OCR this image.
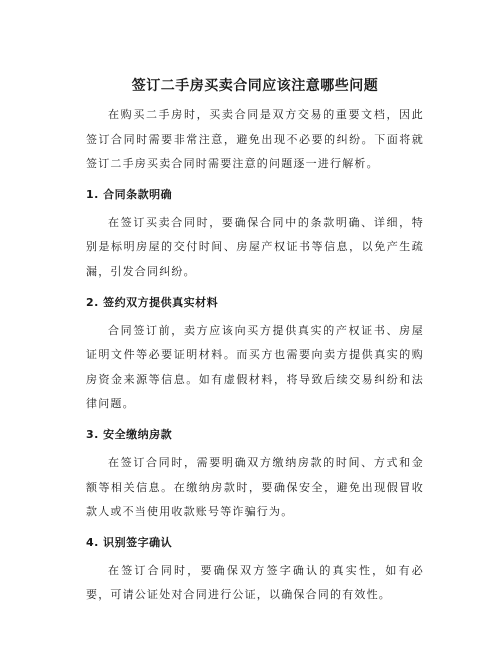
签订二手房买卖合同应该注意哪些问题

在购买二手房时，买卖合同是双方交易的重要文档，因此签订合同时需要非常注意，避免出现不必要的纠纷。下面将就签订二手房买卖合同时需要注意的问题逐一进行解析。

1. 合同条款明确

在签订买卖合同时，要确保合同中的条款明确、详细，特别是标明房屋的交付时间、房屋产权证书等信息，以免产生疏漏，引发合同纠纷。

2. 签约双方提供真实材料

合同签订前，卖方应该向买方提供真实的产权证书、房屋证明文件等必要证明材料。而买方也需要向卖方提供真实的购房资金来源等信息。如有虚假材料，将导致后续交易纠纷和法律问题。

3. 安全缴纳房款

在签订合同时，需要明确双方缴纳房款的时间、方式和金额等相关信息。在缴纳房款时，要确保安全，避免出现假冒收款人或不当使用收款账号等诈骗行为。

4. 识别签字确认

在签订合同时，要确保双方签字确认的真实性，如有必要，可请公证处对合同进行公证，以确保合同的有效性。
